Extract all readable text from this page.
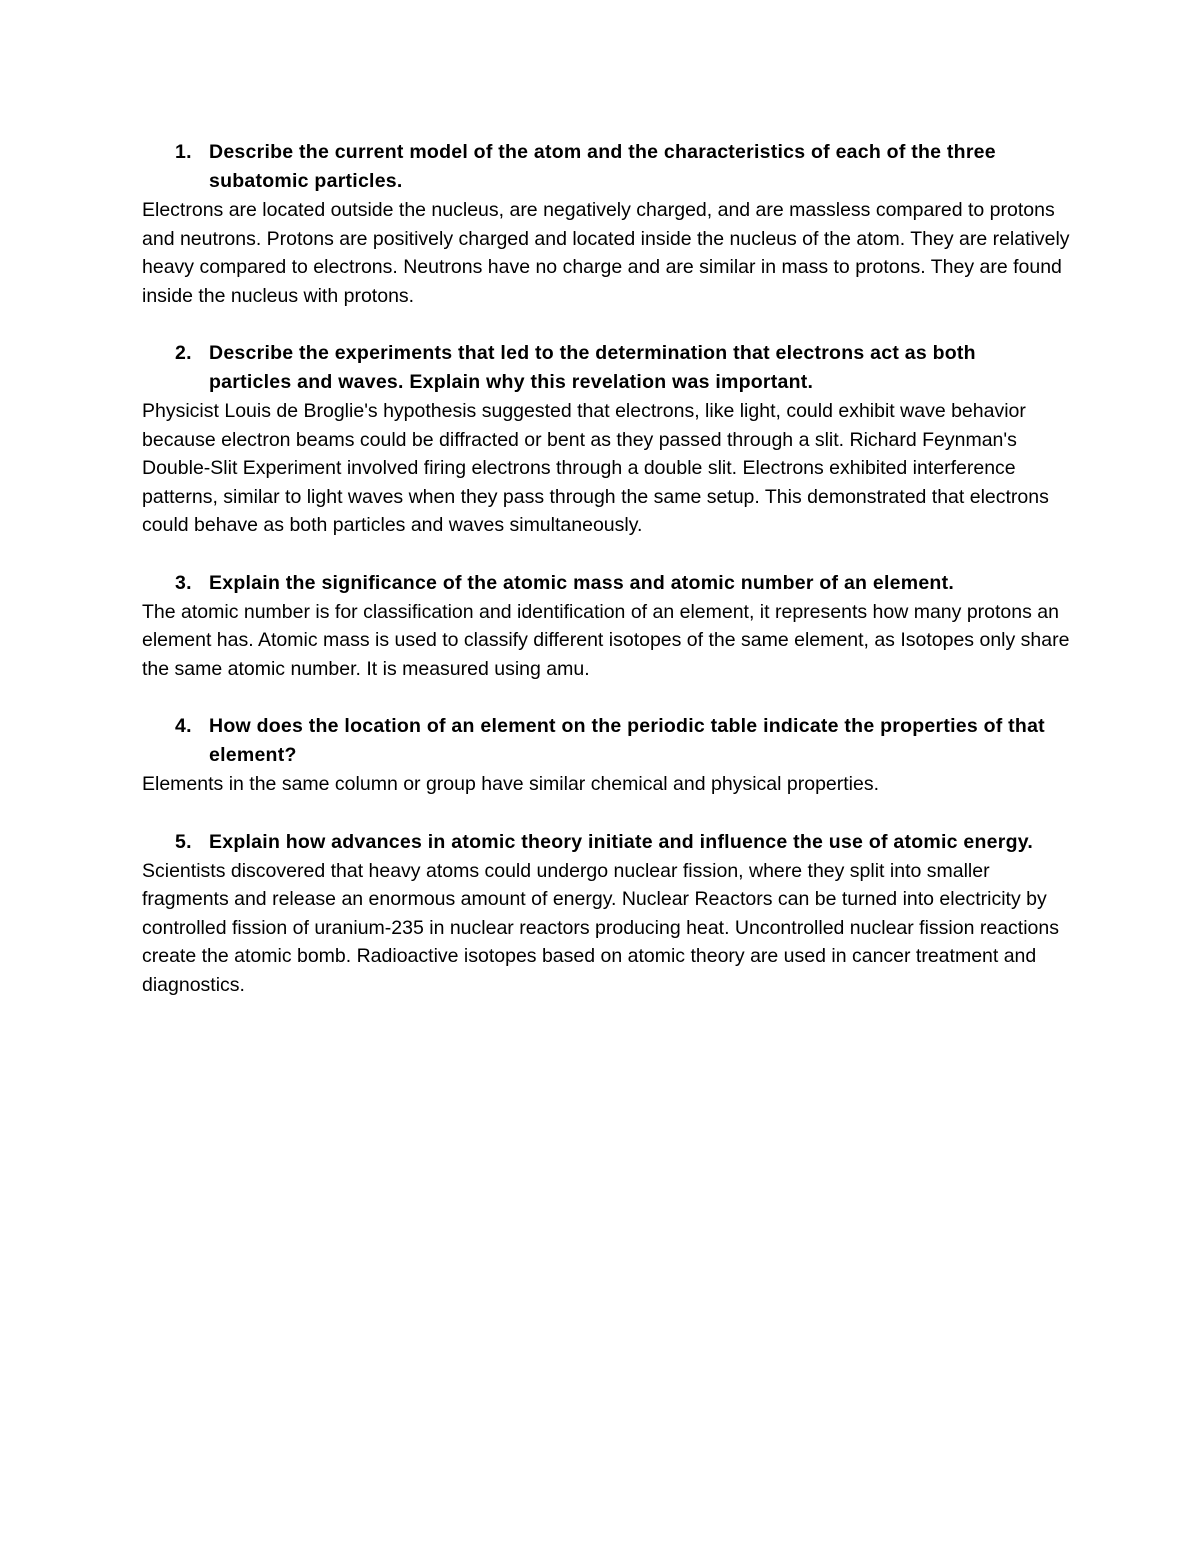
1. Describe the current model of the atom and the characteristics of each of the three subatomic particles.

Electrons are located outside the nucleus, are negatively charged, and are massless compared to protons and neutrons. Protons are positively charged and located inside the nucleus of the atom. They are relatively heavy compared to electrons. Neutrons have no charge and are similar in mass to protons. They are found inside the nucleus with protons.

2. Describe the experiments that led to the determination that electrons act as both particles and waves. Explain why this revelation was important.

Physicist Louis de Broglie's hypothesis suggested that electrons, like light, could exhibit wave behavior because electron beams could be diffracted or bent as they passed through a slit. Richard Feynman's Double-Slit Experiment involved firing electrons through a double slit. Electrons exhibited interference patterns, similar to light waves when they pass through the same setup. This demonstrated that electrons could behave as both particles and waves simultaneously.

3. Explain the significance of the atomic mass and atomic number of an element.

The atomic number is for classification and identification of an element, it represents how many protons an element has. Atomic mass is used to classify different isotopes of the same element, as Isotopes only share the same atomic number. It is measured using amu.

4. How does the location of an element on the periodic table indicate the properties of that element?

Elements in the same column or group have similar chemical and physical properties.

5. Explain how advances in atomic theory initiate and influence the use of atomic energy.

Scientists discovered that heavy atoms could undergo nuclear fission, where they split into smaller fragments and release an enormous amount of energy. Nuclear Reactors can be turned into electricity by controlled fission of uranium-235 in nuclear reactors producing heat. Uncontrolled nuclear fission reactions create the atomic bomb. Radioactive isotopes based on atomic theory are used in cancer treatment and diagnostics.
